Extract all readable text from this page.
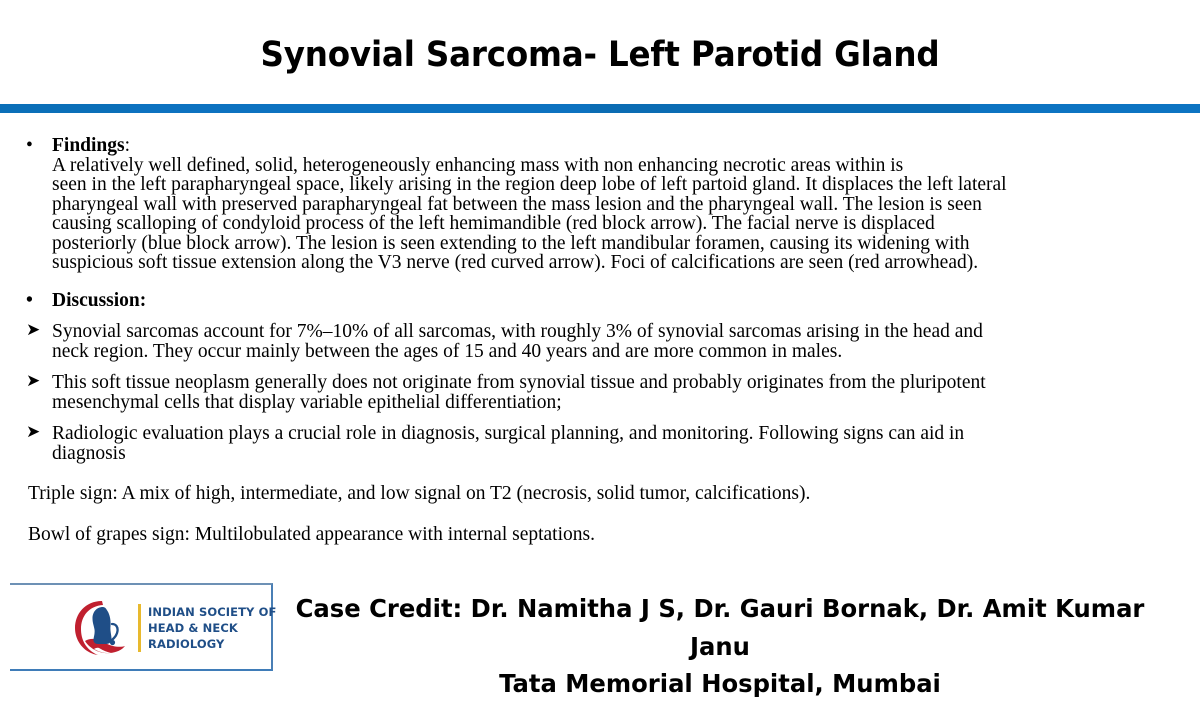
Synovial Sarcoma- Left Parotid Gland
• Findings:
A relatively well defined, solid, heterogeneously enhancing mass with non enhancing necrotic areas within is
seen in the left parapharyngeal space, likely arising in the region deep lobe of left partoid gland. It displaces the left lateral
pharyngeal wall with preserved parapharyngeal fat between the mass lesion and the pharyngeal wall. The lesion is seen
causing scalloping of condyloid process of the left hemimandible (red block arrow). The facial nerve is displaced
posteriorly (blue block arrow). The lesion is seen extending to the left mandibular foramen, causing its widening with
suspicious soft tissue extension along the V3 nerve (red curved arrow). Foci of calcifications are seen (red arrowhead).
• Discussion:
➤ Synovial sarcomas account for 7%–10% of all sarcomas, with roughly 3% of synovial sarcomas arising in the head and
neck region. They occur mainly between the ages of 15 and 40 years and are more common in males.
➤ This soft tissue neoplasm generally does not originate from synovial tissue and probably originates from the pluripotent
mesenchymal cells that display variable epithelial differentiation;
➤ Radiologic evaluation plays a crucial role in diagnosis, surgical planning, and monitoring. Following signs can aid in
diagnosis
Triple sign: A mix of high, intermediate, and low signal on T2 (necrosis, solid tumor, calcifications).
Bowl of grapes sign: Multilobulated appearance with internal septations.
INDIAN SOCIETY OF
HEAD & NECK
RADIOLOGY
Case Credit: Dr. Namitha J S, Dr. Gauri Bornak, Dr. Amit Kumar Janu
Tata Memorial Hospital, Mumbai
